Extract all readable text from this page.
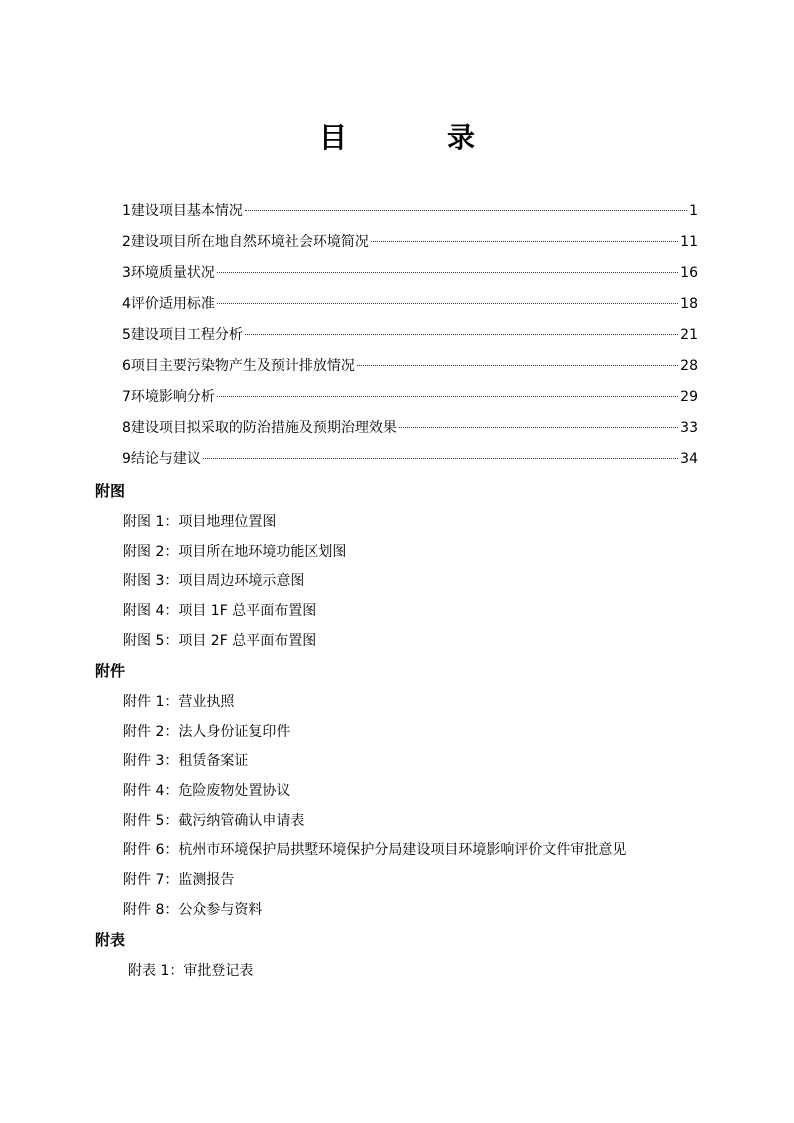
目　录
1 建设项目基本情况	1
2 建设项目所在地自然环境社会环境简况	11
3 环境质量状况	16
4 评价适用标准	18
5 建设项目工程分析	21
6 项目主要污染物产生及预计排放情况	28
7 环境影响分析	29
8 建设项目拟采取的防治措施及预期治理效果	33
9 结论与建议	34
附图
附图 1：项目地理位置图
附图 2：项目所在地环境功能区划图
附图 3：项目周边环境示意图
附图 4：项目 1F 总平面布置图
附图 5：项目 2F 总平面布置图
附件
附件 1：营业执照
附件 2：法人身份证复印件
附件 3：租赁备案证
附件 4：危险废物处置协议
附件 5：截污纳管确认申请表
附件 6：杭州市环境保护局拱墅环境保护分局建设项目环境影响评价文件审批意见
附件 7：监测报告
附件 8：公众参与资料
附表
附表 1：审批登记表
